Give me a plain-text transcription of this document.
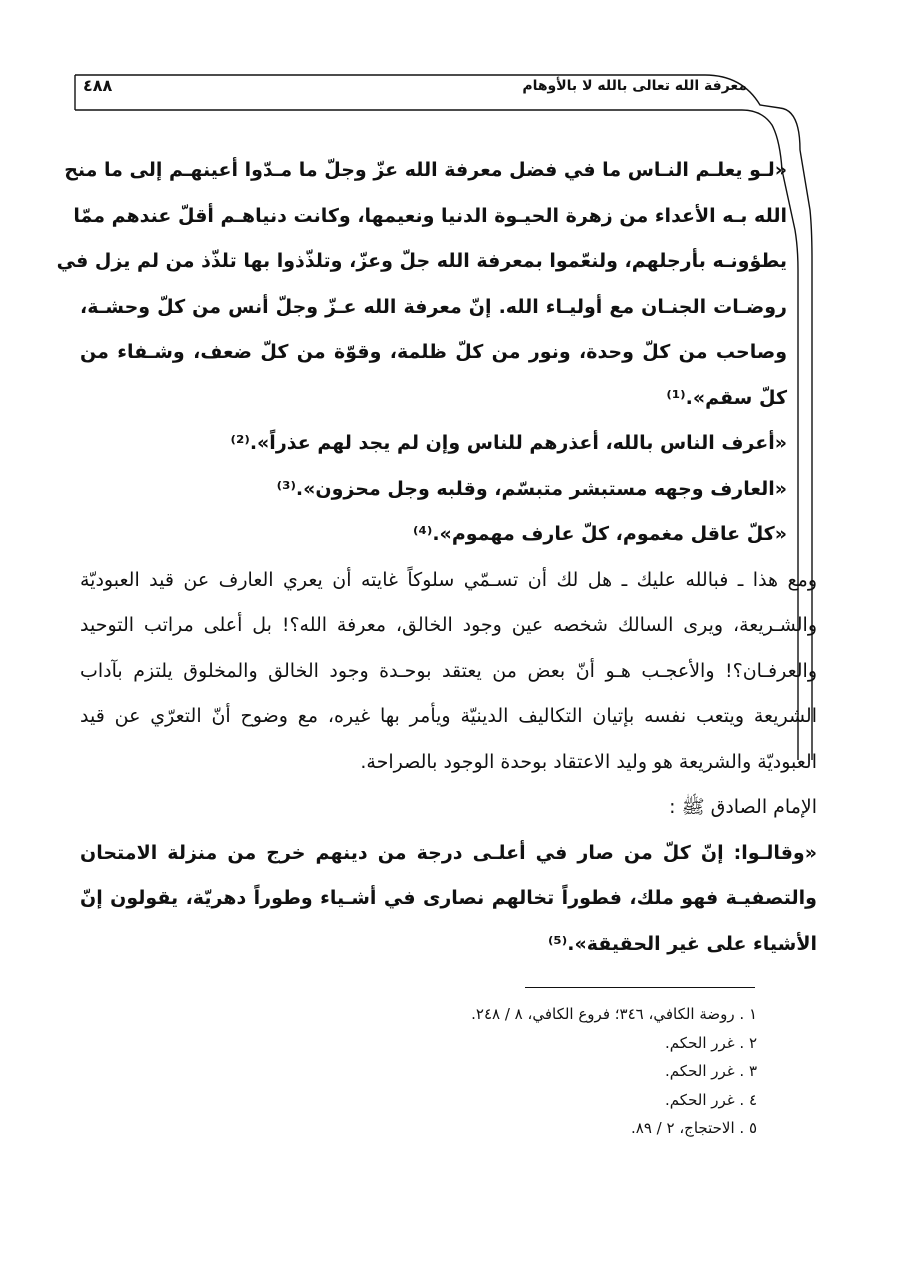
معرفة الله تعالى بالله لا بالأوهام
٤٨٨
«لـو يعلـم النـاس ما في فضل معرفة الله عزّ وجلّ ما مـدّوا أعينهـم إلى ما منح
الله بـه الأعداء من زهرة الحيـوة الدنيا ونعيمها، وكانت دنياهـم أقلّ عندهم ممّا
يطؤونـه بأرجلهم، ولنعّموا بمعرفة الله جلّ وعزّ، وتلذّذوا بها تلذّذ من لم يزل في
روضـات الجنـان مع أوليـاء الله. إنّ معرفة الله عـزّ وجلّ أنس من كلّ وحشـة،
وصاحب من كلّ وحدة، ونور من كلّ ظلمة، وقوّة من كلّ ضعف، وشـفاء من
كلّ سقم».⁽¹⁾
«أعرف الناس بالله، أعذرهم للناس وإن لم يجد لهم عذراً».⁽²⁾
«العارف وجهه مستبشر متبسّم، وقلبه وجل محزون».⁽³⁾
«كلّ عاقل مغموم، كلّ عارف مهموم».⁽⁴⁾
ومع هذا ـ فبالله عليك ـ هل لك أن تسـمّي سلوكاً غايته أن يعري العارف عن قيد العبوديّة
والشـريعة، ويرى السالك شخصه عين وجود الخالق، معرفة الله؟! بل أعلى مراتب التوحيد
والعرفـان؟! والأعجـب هـو أنّ بعض من يعتقد بوحـدة وجود الخالق والمخلوق يلتزم بآداب
الشريعة ويتعب نفسه بإتيان التكاليف الدينيّة ويأمر بها غيره، مع وضوح أنّ التعرّي عن قيد
العبوديّة والشريعة هو وليد الاعتقاد بوحدة الوجود بالصراحة.
الإمام الصادق ﷺ :
«وقالـوا: إنّ كلّ من صار في أعلـى درجة من دينهم خرج من منزلة الامتحان
والتصفيـة فهو ملك، فطوراً تخالهم نصارى في أشـياء وطوراً دهريّة، يقولون إنّ
الأشياء على غير الحقيقة».⁽⁵⁾
١ . روضة الكافي، ٣٤٦؛ فروع الكافي، ٨ / ٢٤٨.
٢ . غرر الحكم.
٣ . غرر الحكم.
٤ . غرر الحكم.
٥ . الاحتجاج، ٢ / ٨٩.
